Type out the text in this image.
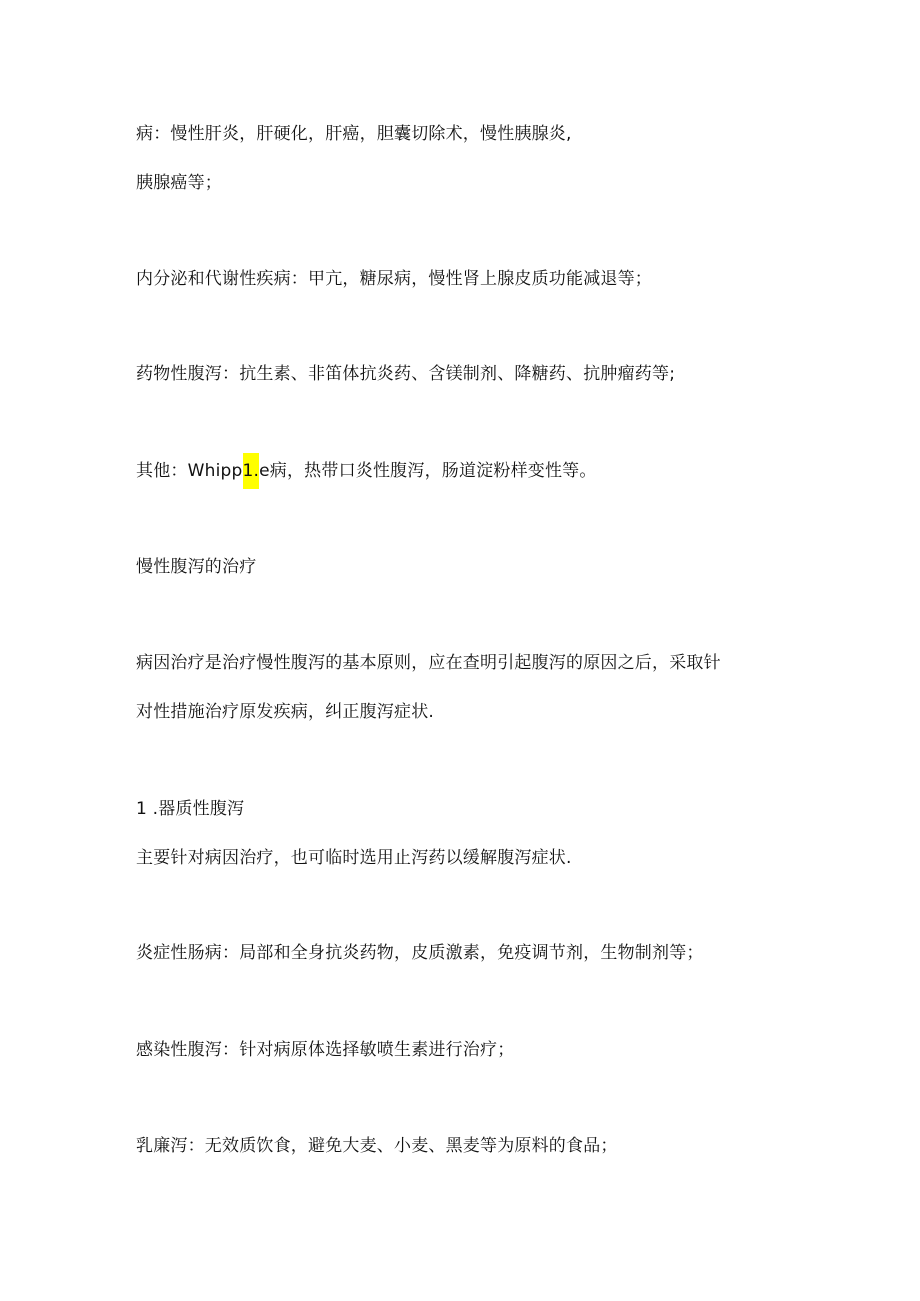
病：慢性肝炎，肝硬化，肝癌，胆囊切除术，慢性胰腺炎,
胰腺癌等；
内分泌和代谢性疾病：甲亢，糖尿病，慢性肾上腺皮质功能减退等；
药物性腹泻：抗生素、非笛体抗炎药、含镁制剂、降糖药、抗肿瘤药等;
其他：Whipp1.e病，热带口炎性腹泻，肠道淀粉样变性等。
慢性腹泻的治疗
病因治疗是治疗慢性腹泻的基本原则，应在查明引起腹泻的原因之后，采取针
对性措施治疗原发疾病，纠正腹泻症状.
1 .器质性腹泻
主要针对病因治疗，也可临时选用止泻药以缓解腹泻症状.
炎症性肠病：局部和全身抗炎药物，皮质激素，免疫调节剂，生物制剂等；
感染性腹泻：针对病原体选择敏喷生素进行治疗；
乳廉泻：无效质饮食，避免大麦、小麦、黑麦等为原料的食品；
